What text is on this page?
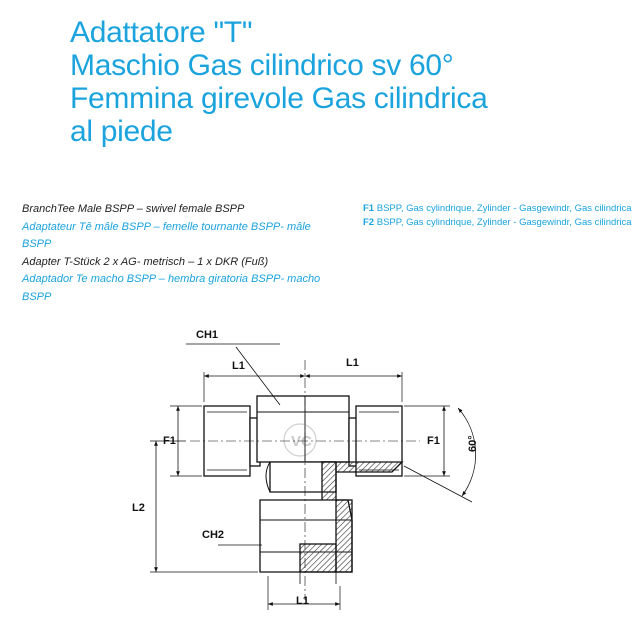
Adattatore "T"
Maschio Gas cilindrico sv 60°
Femmina girevole Gas cilindrica
al piede

BranchTee Male BSPP – swivel female BSPP

Adaptateur Tê mâle BSPP – femelle tournante BSPP- mâle BSPP

Adapter T-Stück 2 x AG- metrisch – 1 x DKR (Fuß)

Adaptador Te macho BSPP – hembra giratoria BSPP- macho BSPP

F1 BSPP, Gas cylindrique, Zylinder - Gasgewindr, Gas cilindrica

F2 BSPP, Gas cylindrique, Zylinder - Gasgewindr, Gas cilindrica

VC
CH1
L1	L1
F1	F1
L2
CH2
L1
60°
